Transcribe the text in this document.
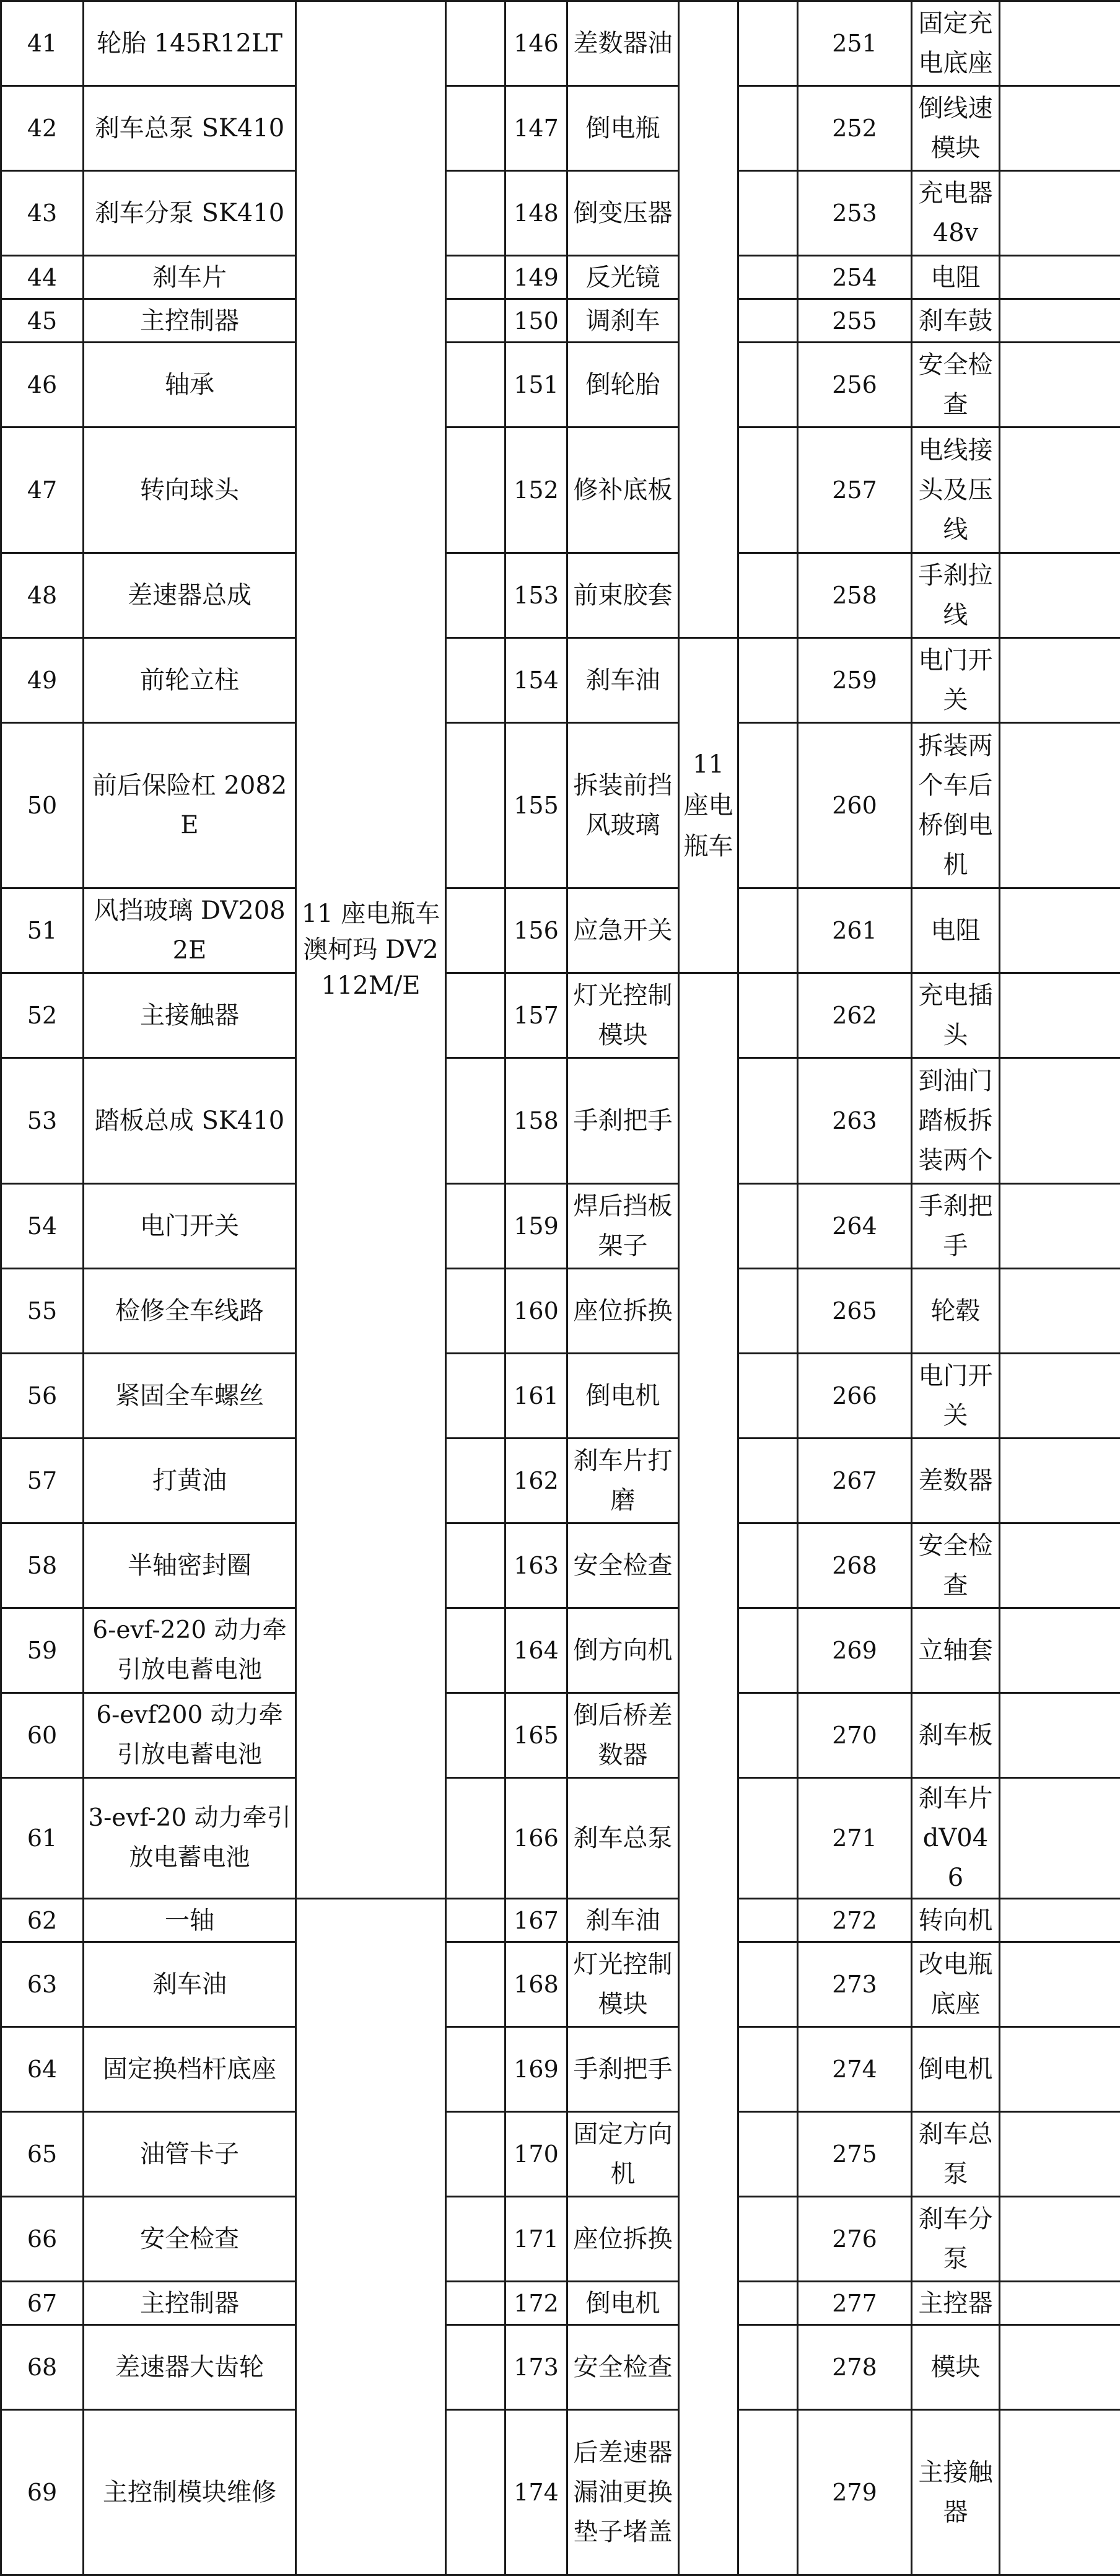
41	轮胎 145R12LT	11 座电瓶车澳柯玛 DV2112M/E		146	差数器油			251	固定充电底座	
42	刹车总泵 SK410			147	倒电瓶			252	倒线速模块	
43	刹车分泵 SK410			148	倒变压器			253	充电器 48v	
44	刹车片			149	反光镜			254	电阻	
45	主控制器			150	调刹车			255	刹车鼓	
46	轴承			151	倒轮胎			256	安全检查	
47	转向球头			152	修补底板			257	电线接头及压线	
48	差速器总成			153	前束胶套			258	手刹拉线	
49	前轮立柱			154	刹车油	11 座电瓶车		259	电门开关	
50	前后保险杠 2082E			155	拆装前挡风玻璃			260	拆装两个车后桥倒电机	
51	风挡玻璃 DV2082E			156	应急开关			261	电阻	
52	主接触器			157	灯光控制模块			262	充电插头	
53	踏板总成 SK410			158	手刹把手			263	到油门踏板拆装两个	
54	电门开关			159	焊后挡板架子			264	手刹把手	
55	检修全车线路			160	座位拆换			265	轮毂	
56	紧固全车螺丝			161	倒电机			266	电门开关	
57	打黄油			162	刹车片打磨			267	差数器	
58	半轴密封圈			163	安全检查			268	安全检查	
59	6-evf-220 动力牵引放电蓄电池			164	倒方向机			269	立轴套	
60	6-evf200 动力牵引放电蓄电池			165	倒后桥差数器			270	刹车板	
61	3-evf-20 动力牵引放电蓄电池			166	刹车总泵			271	刹车片 dV046	
62	一轴			167	刹车油			272	转向机	
63	刹车油			168	灯光控制模块			273	改电瓶底座	
64	固定换档杆底座			169	手刹把手			274	倒电机	
65	油管卡子			170	固定方向机			275	刹车总泵	
66	安全检查			171	座位拆换			276	刹车分泵	
67	主控制器			172	倒电机			277	主控器	
68	差速器大齿轮			173	安全检查			278	模块	
69	主控制模块维修			174	后差速器漏油更换垫子堵盖			279	主接触器	
